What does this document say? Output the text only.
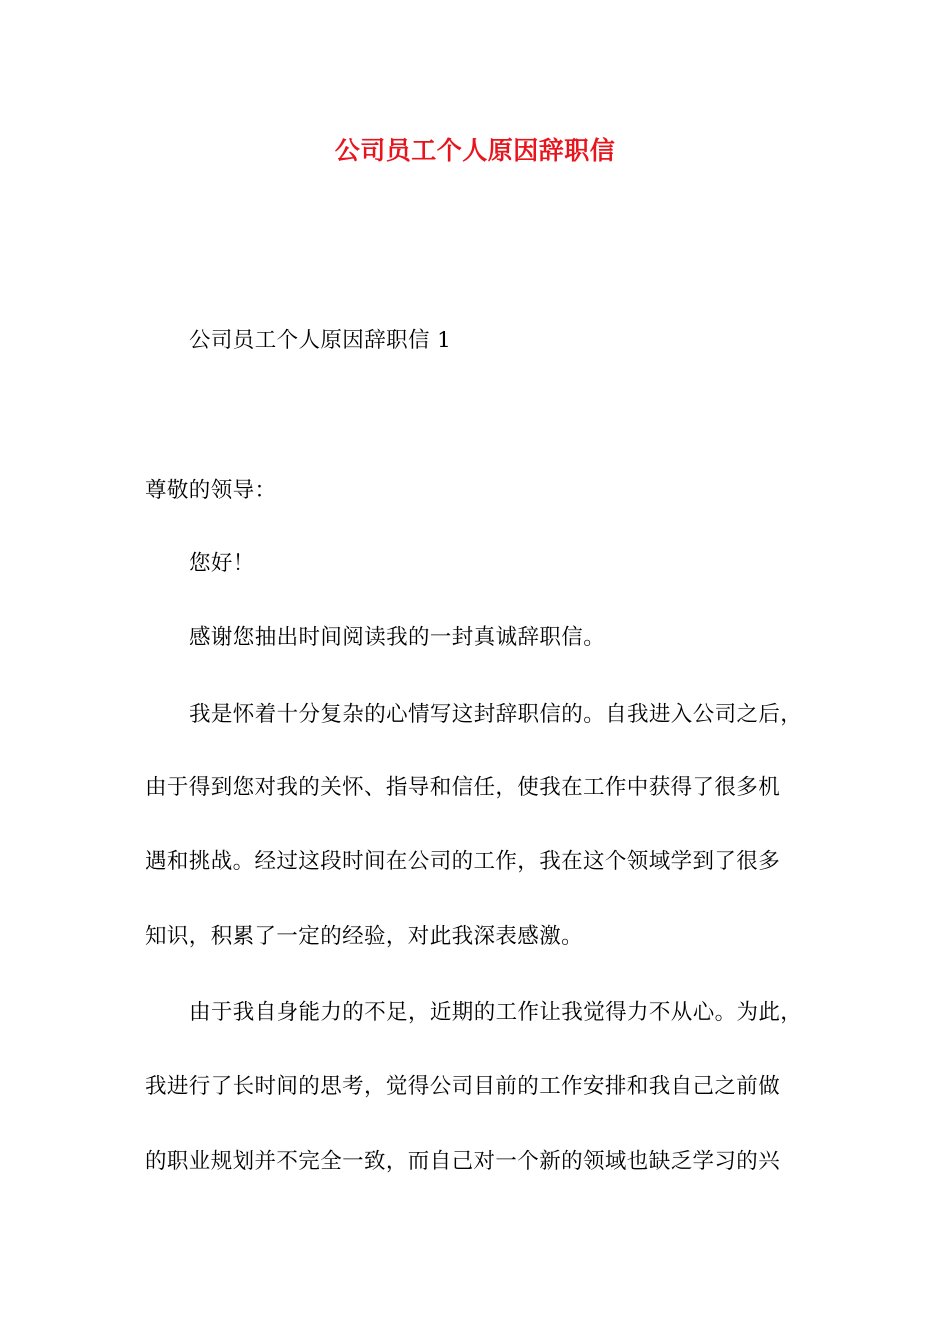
公司员工个人原因辞职信
公司员工个人原因辞职信 1
尊敬的领导：
您好！
感谢您抽出时间阅读我的一封真诚辞职信。
我是怀着十分复杂的心情写这封辞职信的。自我进入公司之后，
由于得到您对我的关怀、指导和信任，使我在工作中获得了很多机
遇和挑战。经过这段时间在公司的工作，我在这个领域学到了很多
知识，积累了一定的经验，对此我深表感激。
由于我自身能力的不足，近期的工作让我觉得力不从心。为此，
我进行了长时间的思考，觉得公司目前的工作安排和我自己之前做
的职业规划并不完全一致，而自己对一个新的领域也缺乏学习的兴
